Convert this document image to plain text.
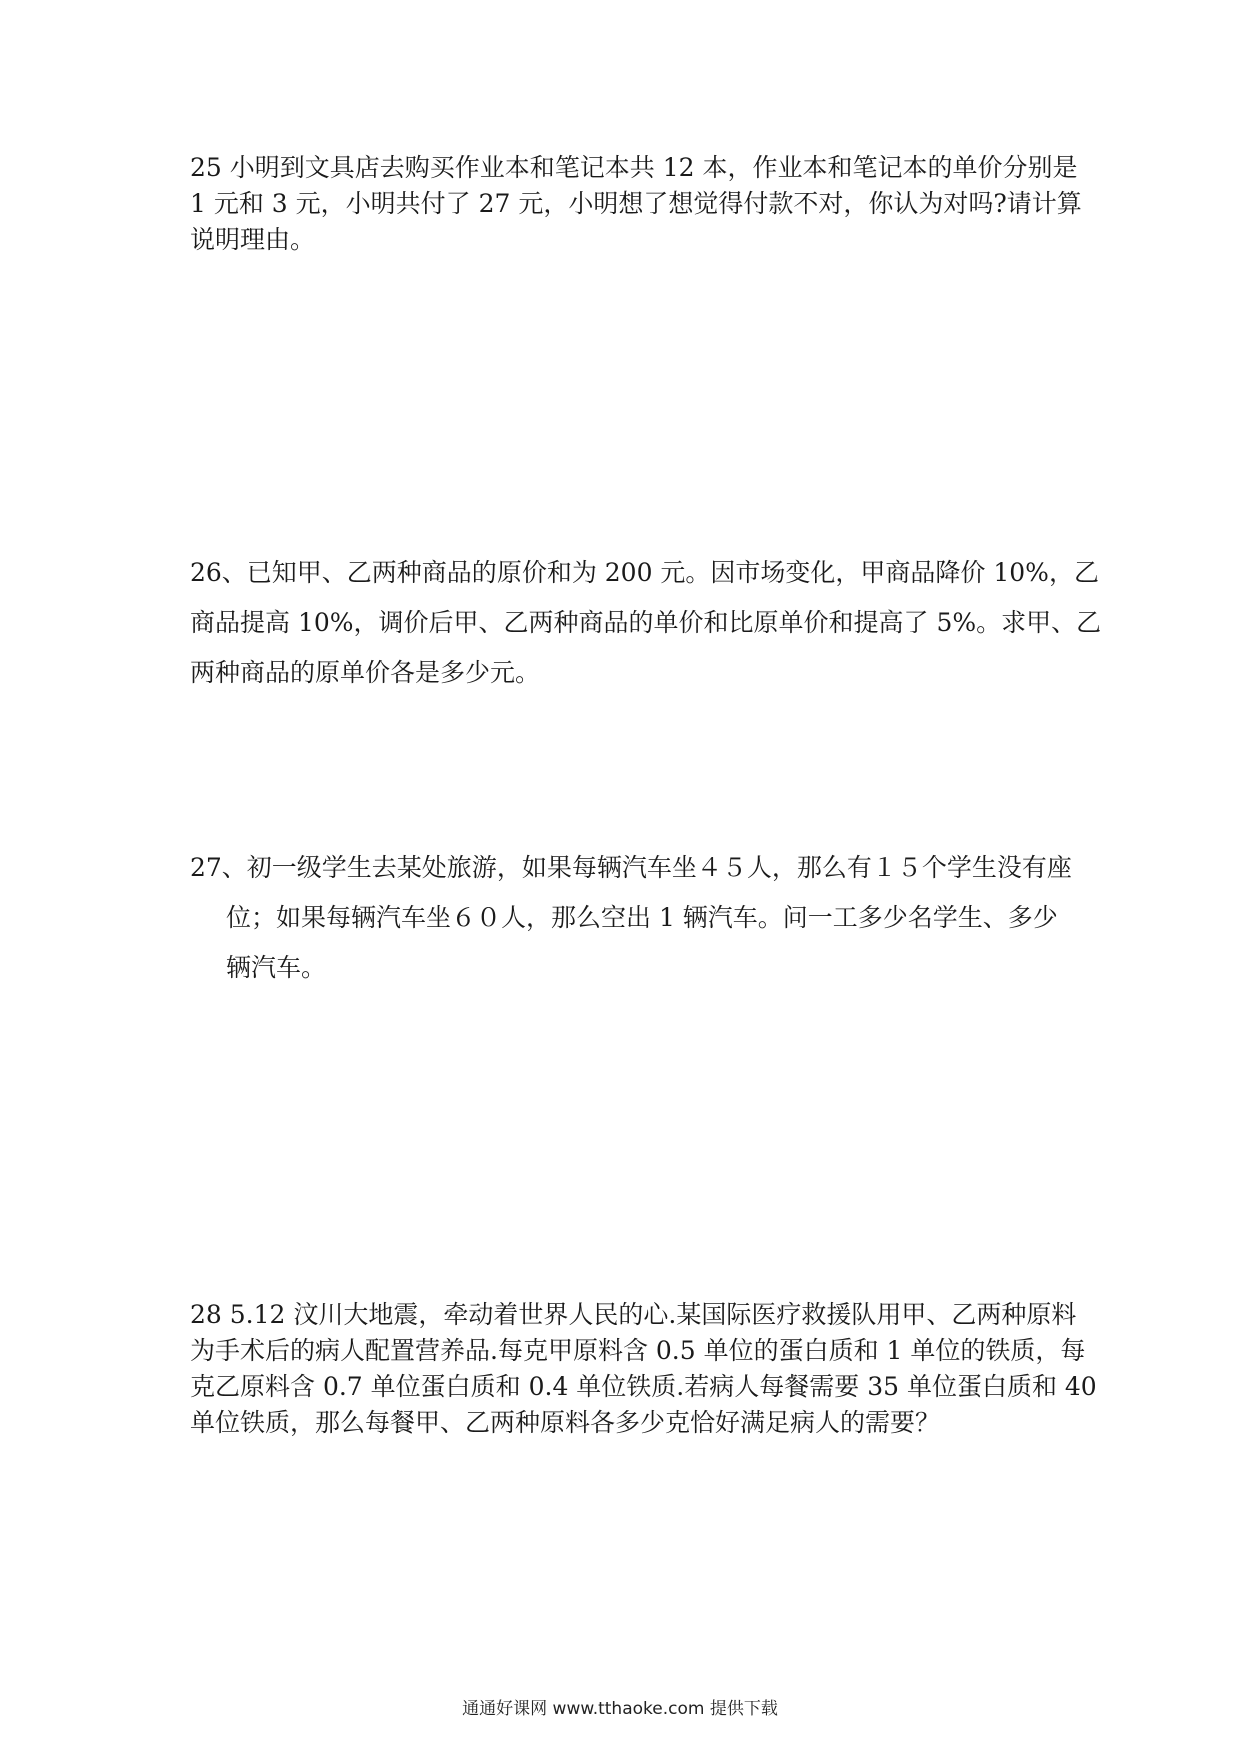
25 小明到文具店去购买作业本和笔记本共 12 本，作业本和笔记本的单价分别是
1 元和 3 元，小明共付了 27 元，小明想了想觉得付款不对，你认为对吗?请计算
说明理由。
26、已知甲、乙两种商品的原价和为 200 元。因市场变化，甲商品降价 10%，乙
商品提高 10%，调价后甲、乙两种商品的单价和比原单价和提高了 5%。求甲、乙
两种商品的原单价各是多少元。
27、初一级学生去某处旅游，如果每辆汽车坐４５人，那么有１５个学生没有座
位；如果每辆汽车坐６０人，那么空出 1 辆汽车。问一工多少名学生、多少
辆汽车。
28 5.12 汶川大地震，牵动着世界人民的心.某国际医疗救援队用甲、乙两种原料
为手术后的病人配置营养品.每克甲原料含 0.5 单位的蛋白质和 1 单位的铁质，每
克乙原料含 0.7 单位蛋白质和 0.4 单位铁质.若病人每餐需要 35 单位蛋白质和 40
单位铁质，那么每餐甲、乙两种原料各多少克恰好满足病人的需要？
通通好课网 www.tthaoke.com 提供下载
